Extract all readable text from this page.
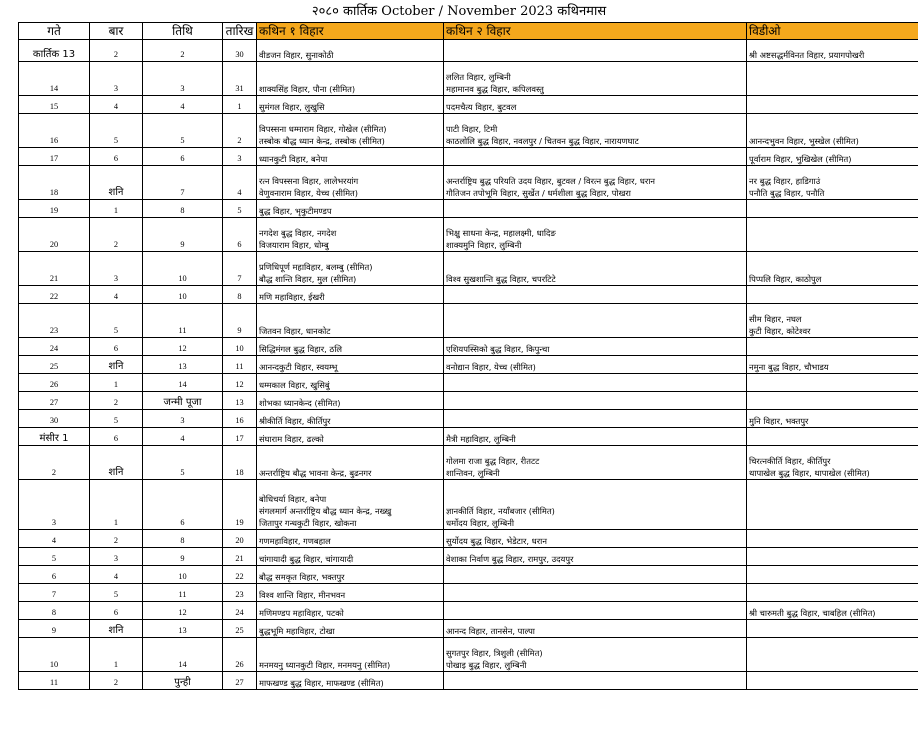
२०८० कार्तिक October / November 2023 कथिनमास
गते	बार	तिथि	तारिख	कथिन १ विहार	कथिन २ विहार	विडीओ
कार्तिक 13	2	2	30	वीडजन विहार, सुनाकोठी		श्री अष्टसद्धर्मविनत विहार, प्रयागपोखरी

14	3	3	31	शाक्यसिंह विहार, पौना (सीमित)	ललित विहार, लुम्बिनी
महामानव बुद्ध विहार, कपिलवस्तु	

15	4	4	1	सुमंगल विहार, लुखुसि	पदमचैत्य विहार, बुटवल	

16	5	5	2	विपस्सना धम्माराम विहार, गोखेल (सीमित)
तस्बोक बौद्ध ध्यान केन्द्र, तस्बोक (सीमित)	पाटी विहार, टिमी
काठलोलि बुद्ध विहार, नवलपुर / चितवन बुद्ध विहार, नारायणघाट	आनन्दभुवन विहार, भुस्खेल (सीमित)

17	6	6	3	ध्यानकुटी विहार, बनेपा		पूर्वाराम विहार, भुखिखेल (सीमित)

18	शनि	7	4	रत्न विपस्सना विहार, लालेभरयांग
वेणुवनाराम विहार, येच्च (सीमित)	अन्तर्राष्ट्रिय बुद्ध परियति उदय विहार, बुटवल / विरत्न बुद्ध विहार, धरान
गौतिजन तपोभूमि विहार, सुर्खेत / धर्मशीला बुद्ध विहार, पोखरा	नर बुद्ध विहार, हाडिगाउं
पनौति बुद्ध विहार, पनौति

19	1	8	5	बुद्ध विहार, भृकुटीमण्डप		

20	2	9	6	नगदेश बुद्ध विहार, नगदेश
विजयाराम विहार, धोम्बु	भिक्षु साधना केन्द्र, महालक्ष्मी, धादिङ
शाक्यमुनि विहार, लुम्बिनी	

21	3	10	7	प्रणिधिपूर्ण महाविहार, बलम्बु (सीमित)
बौद्ध शान्ति विहार, मुल (सीमित)	विश्व सुखशान्ति बुद्ध विहार, चपरटिटे	पिप्पलि विहार, काठोपुल

22	4	10	8	मणि महाविहार, ईखरी		

23	5	11	9	जितवन विहार, धानकोट		सीम विहार, नघल
कुटी विहार, कोटेश्वर

24	6	12	10	सिद्धिमंगल बुद्ध विहार, ठलि	एशियपस्सिको बुद्ध विहार, किपुन्चा	

25	शनि	13	11	आनन्दकुटी विहार, स्वयम्भू	वनोद्यान विहार, येच्च (सीमित)	नमुना बुद्ध विहार, चौभाडय

26	1	14	12	धम्मकाल विहार, खुसिबुं		

27	2	जन्मी पूजा	13	शोभका ध्यानकेन्द (सीमित)		

30	5	3	16	श्रीकीर्ति विहार, कीर्तिपुर		मुनि विहार, भक्तपुर

मंसीर 1	6	4	17	संघाराम विहार, ढल्को	मैत्री महाविहार, लुम्बिनी	

2	शनि	5	18	अन्तर्राष्ट्रिय बौद्ध भावना केन्द्र, बुढनगर	गोलमा राजा बुद्ध विहार, रीतटट
शान्तिवन, लुम्बिनी	चिरत्नकीर्ति विहार, कीर्तिपुर
थापाखेल बुद्ध विहार, थापाखेल (सीमित)

3	1	6	19	बोधिचर्या विहार, बनेपा
संगलमार्ग अन्तर्राष्ट्रिय बौद्ध ध्यान केन्द्र, नख्खु
जितापुर गन्धकुटी विहार, खोकना	ज्ञानकीर्ति विहार, नयाँबजार (सीमित)
धर्मोदय विहार, लुम्बिनी	

4	2	8	20	गणमहाविहार, गणबहाल	सुर्योदय बुद्ध विहार, भेडेटार, धरान	

5	3	9	21	चांगायादी बुद्ध विहार, चांगायादी	वेशाका निर्वाण बुद्ध विहार, रामपुर, उदयपुर	

6	4	10	22	बौद्ध समकृत विहार, भक्तपुर		

7	5	11	23	विश्व शान्ति विहार, मीनभवन		

8	6	12	24	मणिमण्डप महाविहार, पटको		श्री चारुमती बुद्ध विहार, चाबहिल (सीमित)

9	शनि	13	25	बुद्धभूमि महाविहार, टोखा	आनन्द विहार, तानसेन, पाल्पा	

10	1	14	26	मनमयनु ध्यानकुटी विहार, मनमयनु (सीमित)	सुगतपुर विहार, त्रिशुली (सीमित)
पोखाइ बुद्ध विहार, लुम्बिनी	

11	2	पुन्ही	27	माफखण्ड बुद्ध विहार, माफखण्ड (सीमित)		
